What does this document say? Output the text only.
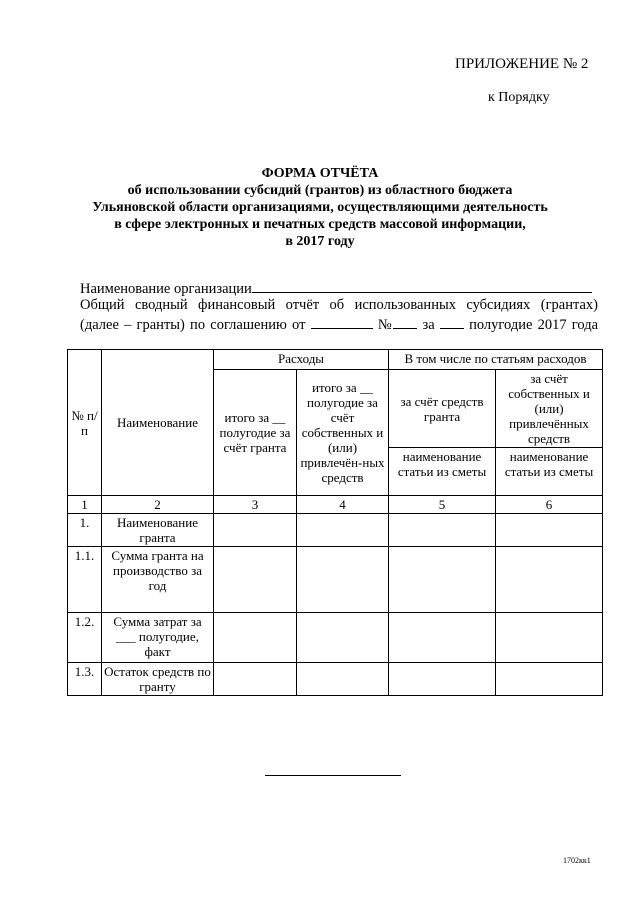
ПРИЛОЖЕНИЕ № 2
к Порядку
ФОРМА ОТЧЁТА
об использовании субсидий (грантов) из областного бюджета
Ульяновской области организациями, осуществляющими деятельность
в сфере электронных и печатных средств массовой информации,
в 2017 году
Наименование организации
Общий сводный финансовый отчёт об использованных субсидиях (грантах)
(далее – гранты) по соглашению от	№ за полугодие 2017 года
№ п/п	Наименование	Расходы		В том числе по статьям расходов	
		итого за __ полугодие за счёт гранта	итого за __ полугодие за счёт собственных и (или) привлечён-ных средств	за счёт средств гранта	за счёт собственных и (или) привлечённых средств
				наименование статьи из сметы	наименование статьи из сметы
1	2	3	4	5	6
1.	Наименование гранта				
1.1.	Сумма гранта на производство за год				
1.2.	Сумма затрат за ___ полугодие, факт				
1.3.	Остаток средств по гранту				
1702кк1
